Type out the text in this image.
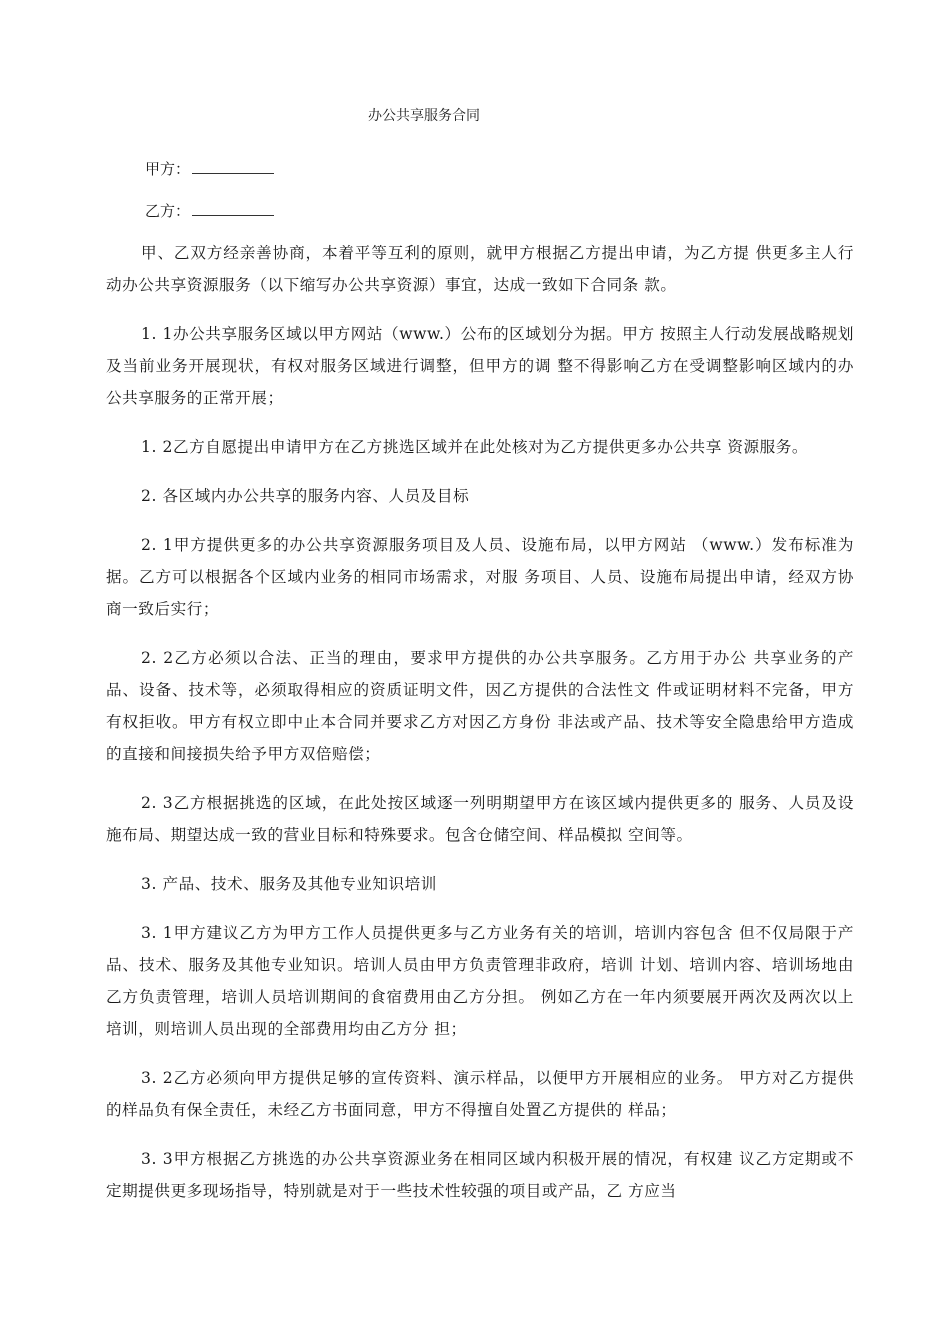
办公共享服务合同
甲方：
乙方：

甲、乙双方经亲善协商，本着平等互利的原则，就甲方根据乙方提出申请，为乙方提 供更多主人行动办公共享资源服务（以下缩写办公共享资源）事宜，达成一致如下合同条 款。

1. 1办公共享服务区域以甲方网站（www.）公布的区域划分为据。甲方 按照主人行动发展战略规划及当前业务开展现状，有权对服务区域进行调整，但甲方的调 整不得影响乙方在受调整影响区域内的办公共享服务的正常开展；

1. 2乙方自愿提出申请甲方在乙方挑选区域并在此处核对为乙方提供更多办公共享 资源服务。

2. 各区域内办公共享的服务内容、人员及目标

2. 1甲方提供更多的办公共享资源服务项目及人员、设施布局，以甲方网站 （www.）发布标准为据。乙方可以根据各个区域内业务的相同市场需求，对服 务项目、人员、设施布局提出申请，经双方协商一致后实行；

2. 2乙方必须以合法、正当的理由，要求甲方提供的办公共享服务。乙方用于办公 共享业务的产品、设备、技术等，必须取得相应的资质证明文件，因乙方提供的合法性文 件或证明材料不完备，甲方有权拒收。甲方有权立即中止本合同并要求乙方对因乙方身份 非法或产品、技术等安全隐患给甲方造成的直接和间接损失给予甲方双倍赔偿；

2. 3乙方根据挑选的区域，在此处按区域逐一列明期望甲方在该区域内提供更多的 服务、人员及设施布局、期望达成一致的营业目标和特殊要求。包含仓储空间、样品模拟 空间等。

3. 产品、技术、服务及其他专业知识培训

3. 1甲方建议乙方为甲方工作人员提供更多与乙方业务有关的培训，培训内容包含 但不仅局限于产品、技术、服务及其他专业知识。培训人员由甲方负责管理非政府，培训 计划、培训内容、培训场地由乙方负责管理，培训人员培训期间的食宿费用由乙方分担。 例如乙方在一年内须要展开两次及两次以上培训，则培训人员出现的全部费用均由乙方分 担；

3. 2乙方必须向甲方提供足够的宣传资料、演示样品，以便甲方开展相应的业务。 甲方对乙方提供的样品负有保全责任，未经乙方书面同意，甲方不得擅自处置乙方提供的 样品；

3. 3甲方根据乙方挑选的办公共享资源业务在相同区域内积极开展的情况，有权建 议乙方定期或不定期提供更多现场指导，特别就是对于一些技术性较强的项目或产品，乙 方应当
